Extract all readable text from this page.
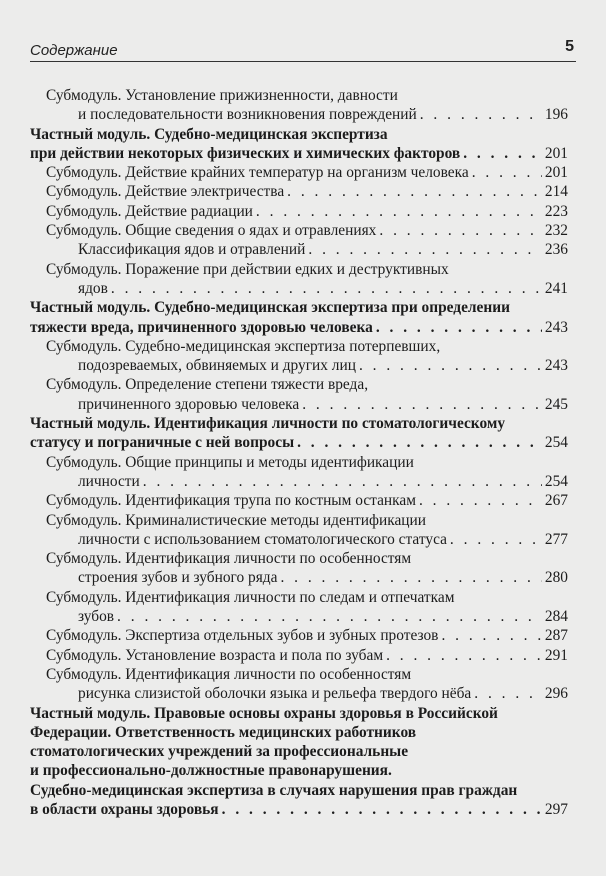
Содержание	5
Субмодуль. Установление прижизненности, давности
и последовательности возникновения повреждений . . .	196
Частный модуль. Судебно-медицинская экспертиза
при действии некоторых физических и химических факторов . . .	201
Субмодуль. Действие крайних температур на организм человека . . .	201
Субмодуль. Действие электричества . . .	214
Субмодуль. Действие радиации . . .	223
Субмодуль. Общие сведения о ядах и отравлениях . . .	232
Классификация ядов и отравлений . . .	236
Субмодуль. Поражение при действии едких и деструктивных
ядов . . .	241
Частный модуль. Судебно-медицинская экспертиза при определении
тяжести вреда, причиненного здоровью человека . . .	243
Субмодуль. Судебно-медицинская экспертиза потерпевших,
подозреваемых, обвиняемых и других лиц . . .	243
Субмодуль. Определение степени тяжести вреда,
причиненного здоровью человека . . .	245
Частный модуль. Идентификация личности по стоматологическому
статусу и пограничные с ней вопросы . . .	254
Субмодуль. Общие принципы и методы идентификации
личности . . .	254
Субмодуль. Идентификация трупа по костным останкам . . .	267
Субмодуль. Криминалистические методы идентификации
личности с использованием стоматологического статуса . . .	277
Субмодуль. Идентификация личности по особенностям
строения зубов и зубного ряда . . .	280
Субмодуль. Идентификация личности по следам и отпечаткам
зубов . . .	284
Субмодуль. Экспертиза отдельных зубов и зубных протезов . . .	287
Субмодуль. Установление возраста и пола по зубам . . .	291
Субмодуль. Идентификация личности по особенностям
рисунка слизистой оболочки языка и рельефа твердого нёба . . .	296
Частный модуль. Правовые основы охраны здоровья в Российской
Федерации. Ответственность медицинских работников
стоматологических учреждений за профессиональные
и профессионально-должностные правонарушения.
Судебно-медицинская экспертиза в случаях нарушения прав граждан
в области охраны здоровья . . .	297
